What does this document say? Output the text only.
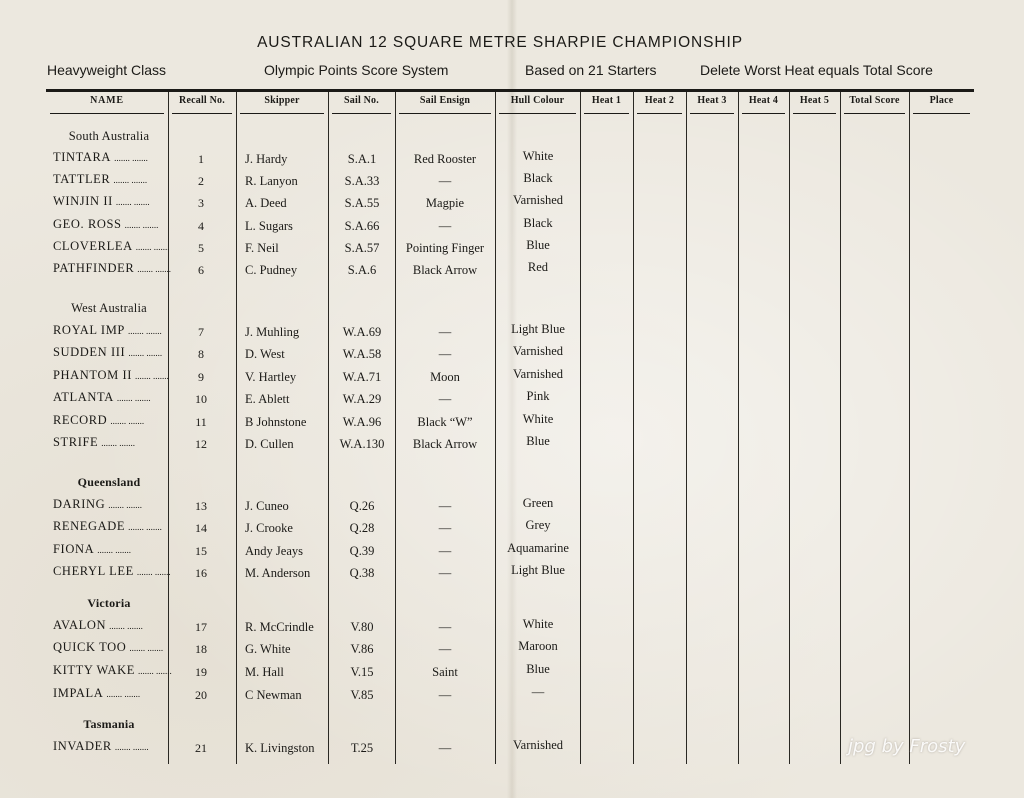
AUSTRALIAN 12 SQUARE METRE SHARPIE CHAMPIONSHIP
Heavyweight Class	Olympic Points Score System	Based on 21 Starters	Delete Worst Heat equals Total Score
NAME	Recall No.	Skipper	Sail No.	Sail Ensign	Hull Colour	Heat 1	Heat 2	Heat 3	Heat 4	Heat 5	Total Score	Place
South Australia
TINTARA ....... .......	1	J. Hardy	S.A.1	Red Rooster	White
TATTLER ....... .......	2	R. Lanyon	S.A.33	—	Black
WINJIN II ....... .......	3	A. Deed	S.A.55	Magpie	Varnished
GEO. ROSS ....... .......	4	L. Sugars	S.A.66	—	Black
CLOVERLEA ....... .......	5	F. Neil	S.A.57	Pointing Finger	Blue
PATHFINDER ....... .......	6	C. Pudney	S.A.6	Black Arrow	Red
West Australia
ROYAL IMP ....... .......	7	J. Muhling	W.A.69	—	Light Blue
SUDDEN III ....... .......	8	D. West	W.A.58	—	Varnished
PHANTOM II ....... .......	9	V. Hartley	W.A.71	Moon	Varnished
ATLANTA ....... .......	10	E. Ablett	W.A.29	—	Pink
RECORD ....... .......	11	B Johnstone	W.A.96	Black “W”	White
STRIFE ....... .......	12	D. Cullen	W.A.130	Black Arrow	Blue
Queensland
DARING ....... .......	13	J. Cuneo	Q.26	—	Green
RENEGADE ....... .......	14	J. Crooke	Q.28	—	Grey
FIONA ....... .......	15	Andy Jeays	Q.39	—	Aquamarine
CHERYL LEE ....... .......	16	M. Anderson	Q.38	—	Light Blue
Victoria
AVALON ....... .......	17	R. McCrindle	V.80	—	White
QUICK TOO ....... .......	18	G. White	V.86	—	Maroon
KITTY WAKE ....... .......	19	M. Hall	V.15	Saint	Blue
IMPALA ....... .......	20	C Newman	V.85	—	—
Tasmania
INVADER ....... .......	21	K. Livingston	T.25	—	Varnished	jpg by Frosty
